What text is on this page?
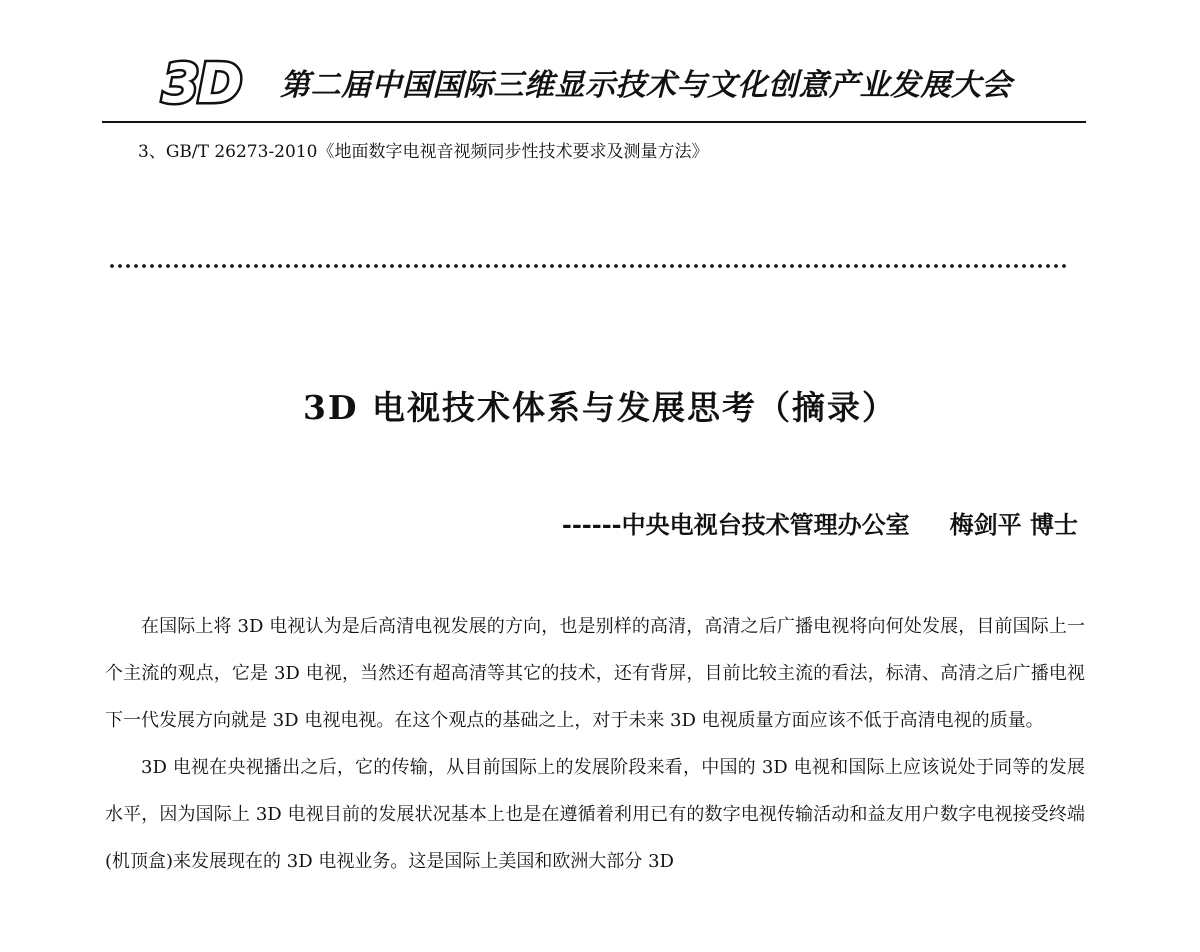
3D 第二届中国国际三维显示技术与文化创意产业发展大会
3、GB/T 26273-2010《地面数字电视音视频同步性技术要求及测量方法》
3D 电视技术体系与发展思考（摘录）
------中央电视台技术管理办公室 梅剑平 博士

在国际上将 3D 电视认为是后高清电视发展的方向，也是别样的高清，高清之后广播电视将向何处发展，目前国际上一个主流的观点，它是 3D 电视，当然还有超高清等其它的技术，还有背屏，目前比较主流的看法，标清、高清之后广播电视下一代发展方向就是 3D 电视电视。在这个观点的基础之上，对于未来 3D 电视质量方面应该不低于高清电视的质量。

3D 电视在央视播出之后，它的传输，从目前国际上的发展阶段来看，中国的 3D 电视和国际上应该说处于同等的发展水平，因为国际上 3D 电视目前的发展状况基本上也是在遵循着利用已有的数字电视传输活动和益友用户数字电视接受终端(机顶盒)来发展现在的 3D 电视业务。这是国际上美国和欧洲大部分 3D
